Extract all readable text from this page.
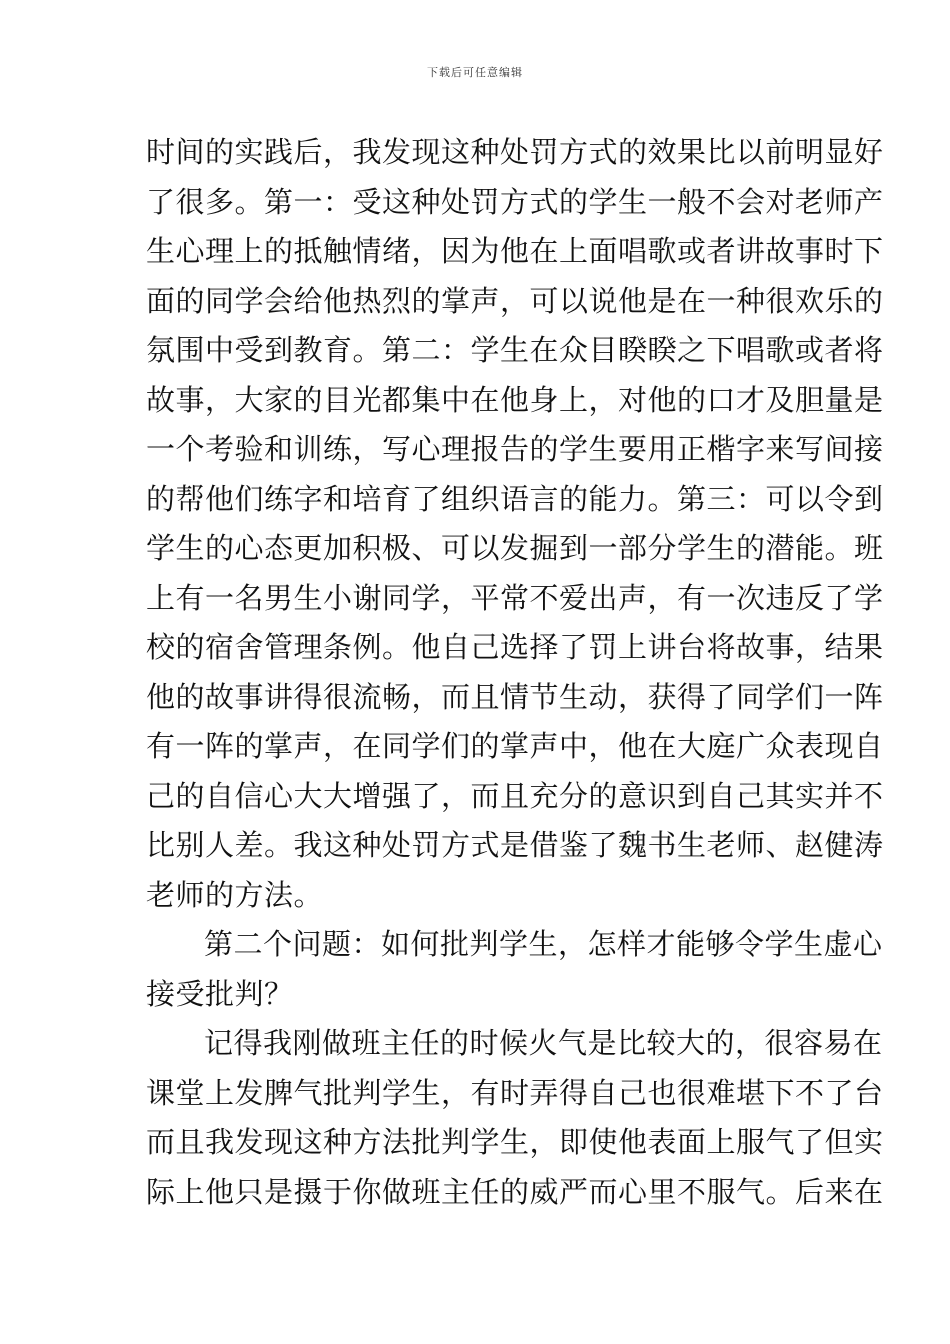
下载后可任意编辑
时间的实践后，我发现这种处罚方式的效果比以前明显好
了很多。第一：受这种处罚方式的学生一般不会对老师产
生心理上的抵触情绪，因为他在上面唱歌或者讲故事时下
面的同学会给他热烈的掌声，可以说他是在一种很欢乐的
氛围中受到教育。第二：学生在众目睽睽之下唱歌或者将
故事，大家的目光都集中在他身上，对他的口才及胆量是
一个考验和训练，写心理报告的学生要用正楷字来写间接
的帮他们练字和培育了组织语言的能力。第三：可以令到
学生的心态更加积极、可以发掘到一部分学生的潜能。班
上有一名男生小谢同学，平常不爱出声，有一次违反了学
校的宿舍管理条例。他自己选择了罚上讲台将故事，结果
他的故事讲得很流畅，而且情节生动，获得了同学们一阵
有一阵的掌声，在同学们的掌声中，他在大庭广众表现自
己的自信心大大增强了，而且充分的意识到自己其实并不
比别人差。我这种处罚方式是借鉴了魏书生老师、赵健涛
老师的方法。
第二个问题：如何批判学生，怎样才能够令学生虚心
接受批判？
记得我刚做班主任的时候火气是比较大的，很容易在
课堂上发脾气批判学生，有时弄得自己也很难堪下不了台
而且我发现这种方法批判学生，即使他表面上服气了但实
际上他只是摄于你做班主任的威严而心里不服气。后来在
